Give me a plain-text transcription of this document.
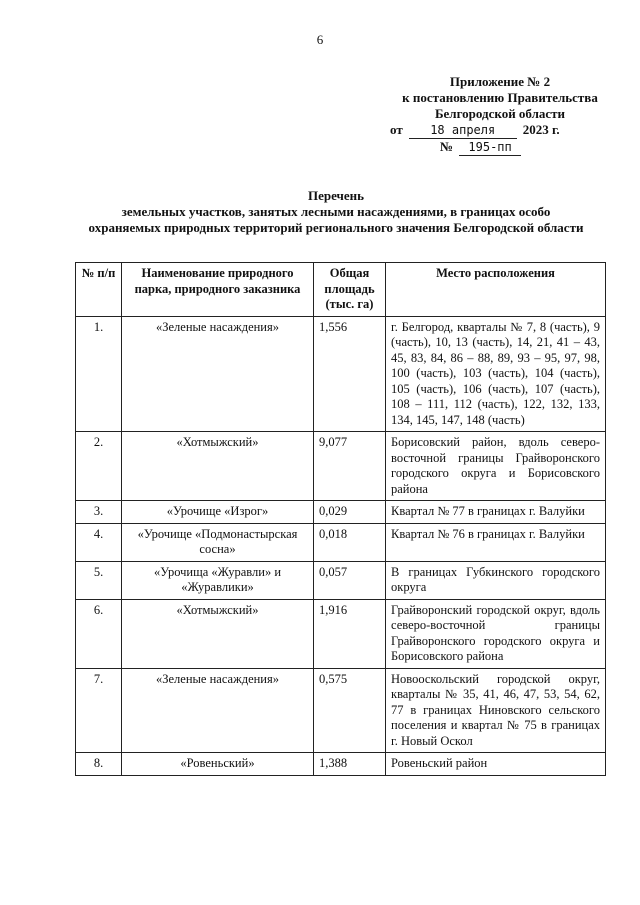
6
Приложение № 2
к постановлению Правительства
Белгородской области
от 18 апреля 2023 г.
№ 195-пп
Перечень
земельных участков, занятых лесными насаждениями, в границах особо охраняемых природных территорий регионального значения Белгородской области
№ п/п	Наименование природного парка, природного заказника	Общая площадь (тыс. га)	Место расположения
1.	«Зеленые насаждения»	1,556	г. Белгород, кварталы № 7, 8 (часть), 9 (часть), 10, 13 (часть), 14, 21, 41 – 43, 45, 83, 84, 86 – 88, 89, 93 – 95, 97, 98, 100 (часть), 103 (часть), 104 (часть), 105 (часть), 106 (часть), 107 (часть), 108 – 111, 112 (часть), 122, 132, 133, 134, 145, 147, 148 (часть)
2.	«Хотмыжский»	9,077	Борисовский район, вдоль северо-восточной границы Грайворонского городского округа и Борисовского района
3.	«Урочище «Изрог»	0,029	Квартал № 77 в границах г. Валуйки
4.	«Урочище «Подмонастырская сосна»	0,018	Квартал № 76 в границах г. Валуйки
5.	«Урочища «Журавли» и «Журавлики»	0,057	В границах Губкинского городского округа
6.	«Хотмыжский»	1,916	Грайворонский городской округ, вдоль северо-восточной границы Грайворонского городского округа и Борисовского района
7.	«Зеленые насаждения»	0,575	Новооскольский городской округ, кварталы № 35, 41, 46, 47, 53, 54, 62, 77 в границах Ниновского сельского поселения и квартал № 75 в границах г. Новый Оскол
8.	«Ровеньский»	1,388	Ровеньский район
